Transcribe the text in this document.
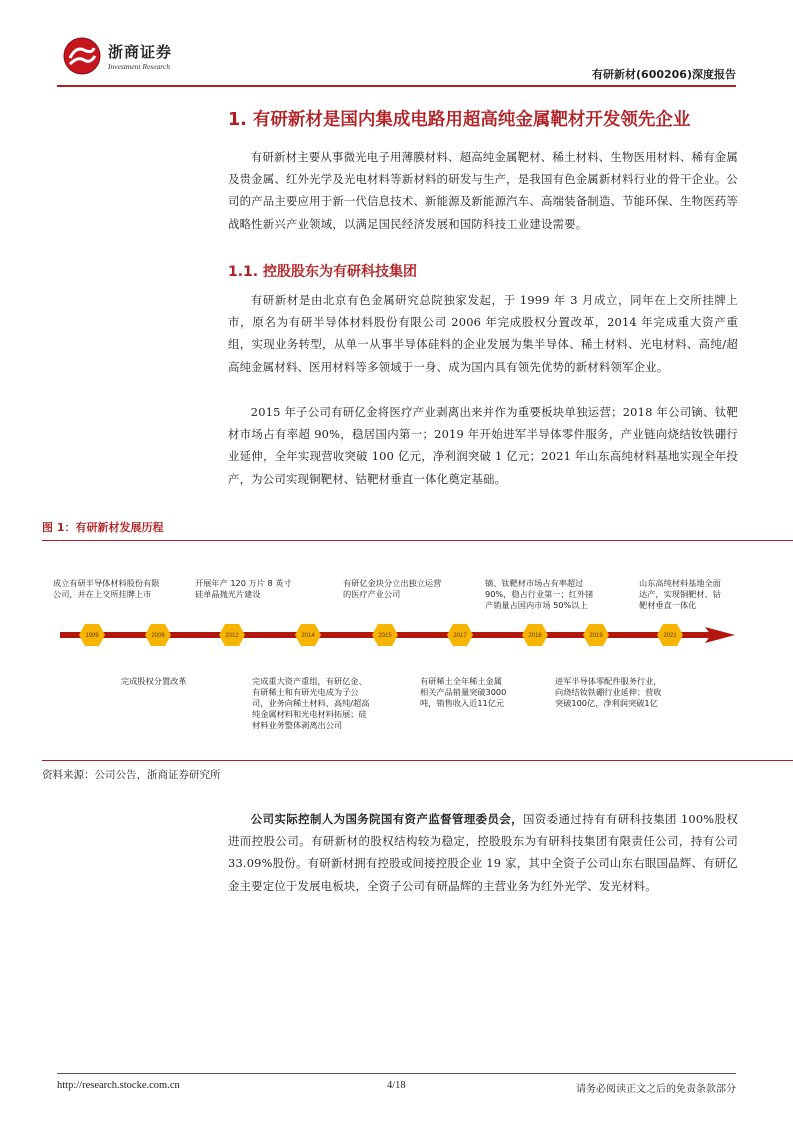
浙商证券
Investment Research
有研新材(600206)深度报告
1. 有研新材是国内集成电路用超高纯金属靶材开发领先企业

有研新材主要从事微光电子用薄膜材料、超高纯金属靶材、稀土材料、生物医用材料、稀有金属及贵金属、红外光学及光电材料等新材料的研发与生产，是我国有色金属新材料行业的骨干企业。公司的产品主要应用于新一代信息技术、新能源及新能源汽车、高端装备制造、节能环保、生物医药等战略性新兴产业领域，以满足国民经济发展和国防科技工业建设需要。

1.1. 控股股东为有研科技集团

有研新材是由北京有色金属研究总院独家发起，于 1999 年 3 月成立，同年在上交所挂牌上市，原名为有研半导体材料股份有限公司 2006 年完成股权分置改革，2014 年完成重大资产重组，实现业务转型，从单一从事半导体硅料的企业发展为集半导体、稀土材料、光电材料、高纯/超高纯金属材料、医用材料等多领域于一身、成为国内具有领先优势的新材料领军企业。

2015 年子公司有研亿金将医疗产业剥离出来并作为重要板块单独运营；2018 年公司镝、钛靶材市场占有率超 90%，稳居国内第一；2019 年开始进军半导体零件服务，产业链向烧结钕铁硼行业延伸，全年实现营收突破 100 亿元，净利润突破 1 亿元；2021 年山东高纯材料基地实现全年投产，为公司实现铜靶材、钴靶材垂直一体化奠定基础。

图 1：有研新材发展历程
1999	2006	2012	2014	2015	2017	2018	2019	2021
成立有研半导体材料股份有限公司，并在上交所挂牌上市
开展年产 120 万片 8 英寸硅单晶抛光片建设
有研亿金块分立出独立运营的医疗产业公司
镝、钛靶材市场占有率超过 90%，稳占行业第一；红外锗产销量占国内市场 50%以上
山东高纯材料基地全面达产，实现铜靶材、钴靶材垂直一体化
完成股权分置改革	完成重大资产重组，有研亿金、有研稀土和有研光电成为子公司，业务向稀土材料、高纯/超高纯金属材料和光电材料拓展；硅材料业务整体剥离出公司
有研稀土全年稀土金属相关产品销量突破3000吨，销售收入近11亿元
进军半导体零配件服务行业，向烧结钕铁硼行业延伸；营收突破100亿，净利润突破1亿
资料来源：公司公告，浙商证券研究所

公司实际控制人为国务院国有资产监督管理委员会，国资委通过持有有研科技集团 100%股权进而控股公司。有研新材的股权结构较为稳定，控股股东为有研科技集团有限责任公司，持有公司 33.09%股份。有研新材拥有控股或间接控股企业 19 家，其中全资子公司山东右眼国晶辉、有研亿金主要定位于发展电板块，全资子公司有研晶辉的主营业务为红外光学、发光材料。

http://research.stocke.com.cn	4/18	请务必阅读正文之后的免责条款部分
